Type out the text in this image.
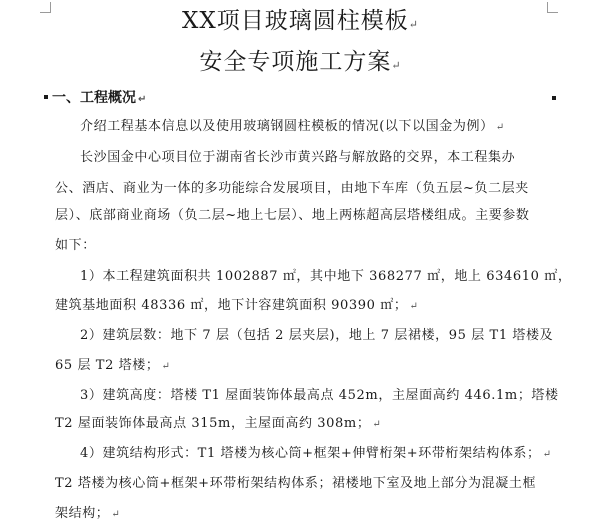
XX项目玻璃圆柱模板↵
安全专项施工方案↵
一、工程概况 ↵
介绍工程基本信息以及使用玻璃钢圆柱模板的情况(以下以国金为例） ↵
长沙国金中心项目位于湖南省长沙市黄兴路与解放路的交界，本工程集办
公、酒店、商业为一体的多功能综合发展项目，由地下车库（负五层~负二层夹
层）、底部商业商场（负二层~地上七层）、地上两栋超高层塔楼组成。主要参数
如下：
1）本工程建筑面积共 1002887 ㎡，其中地下 368277 ㎡，地上 634610 ㎡，
建筑基地面积 48336 ㎡，地下计容建筑面积 90390 ㎡； ↵
2）建筑层数：地下 7 层（包括 2 层夹层)，地上 7 层裙楼，95 层 T1 塔楼及
65 层 T2 塔楼； ↵
3）建筑高度：塔楼 T1 屋面装饰体最高点 452m，主屋面高约 446.1m；塔楼
T2 屋面装饰体最高点 315m，主屋面高约 308m； ↵
4）建筑结构形式：T1 塔楼为核心筒+框架+伸臂桁架+环带桁架结构体系； ↵
T2 塔楼为核心筒+框架+环带桁架结构体系；裙楼地下室及地上部分为混凝土框
架结构； ↵
